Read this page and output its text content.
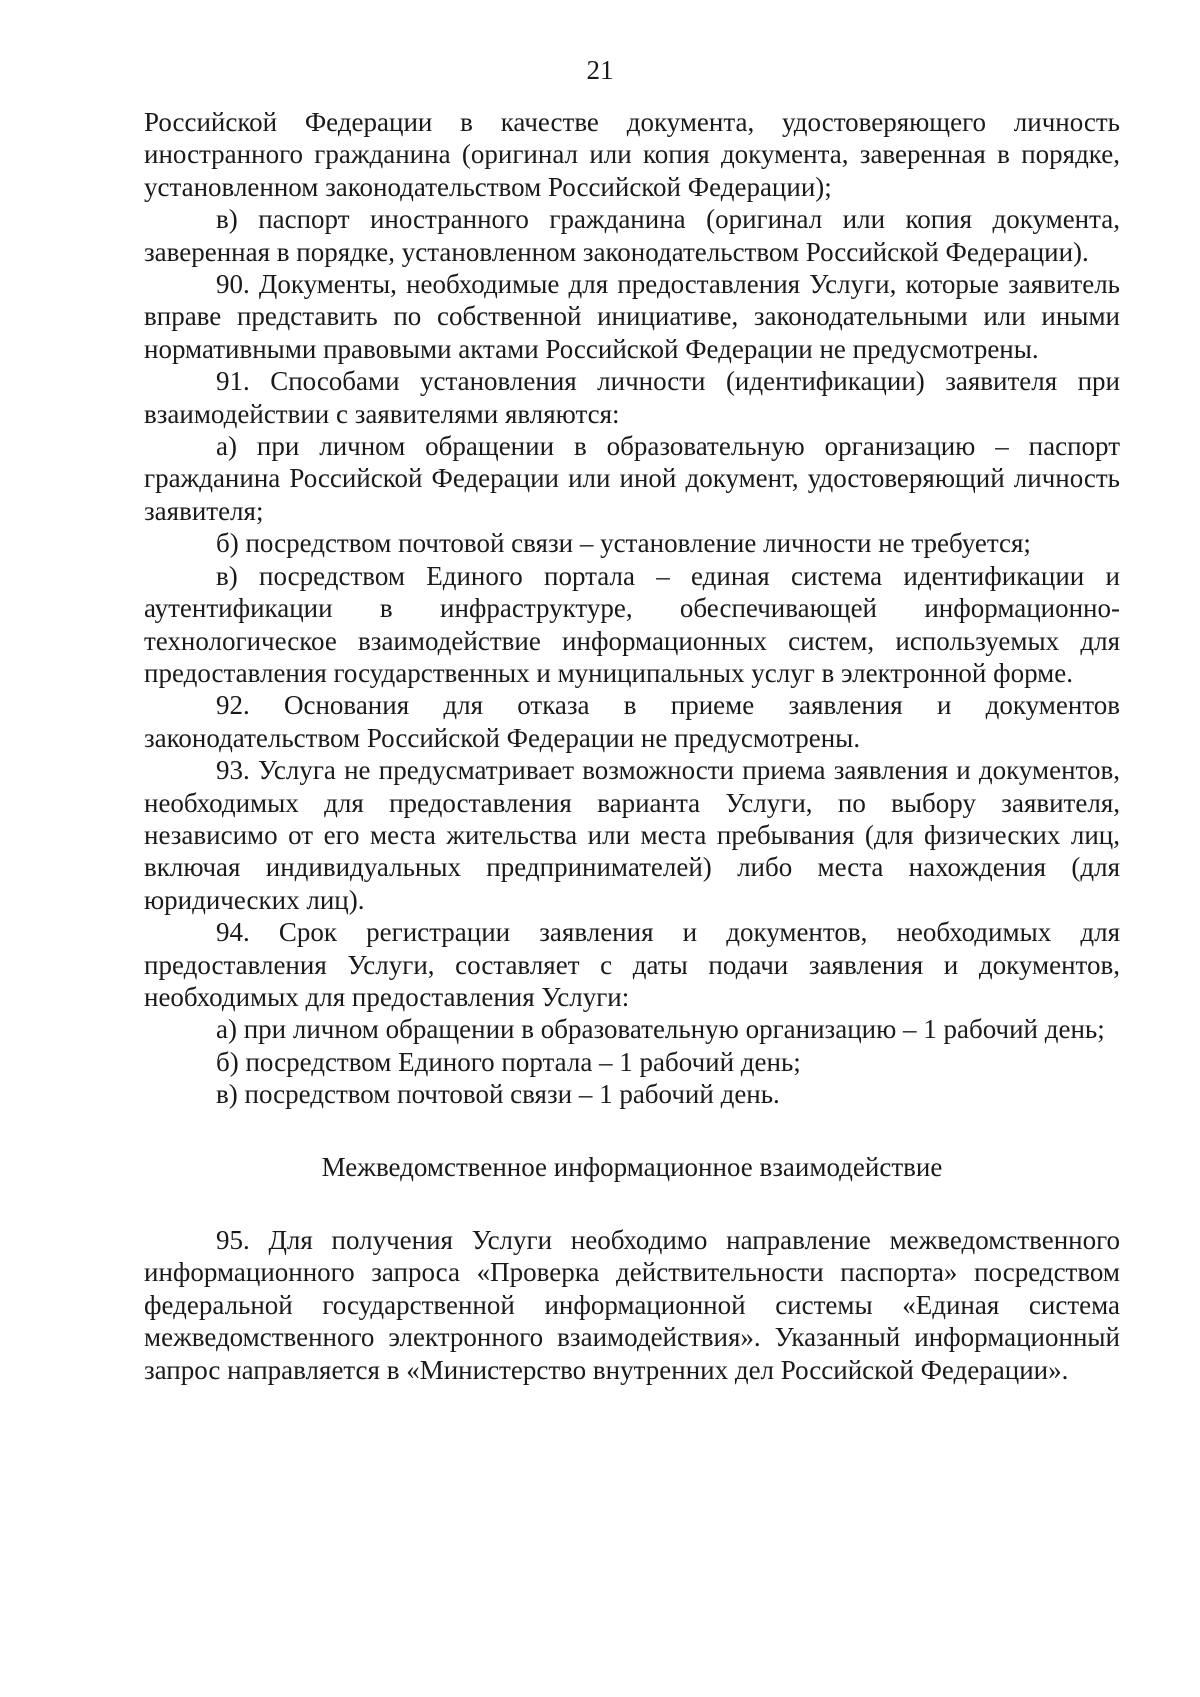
21

Российской Федерации в качестве документа, удостоверяющего личность иностранного гражданина (оригинал или копия документа, заверенная в порядке, установленном законодательством Российской Федерации);

в) паспорт иностранного гражданина (оригинал или копия документа, заверенная в порядке, установленном законодательством Российской Федерации).

90. Документы, необходимые для предоставления Услуги, которые заявитель вправе представить по собственной инициативе, законодательными или иными нормативными правовыми актами Российской Федерации не предусмотрены.

91. Способами установления личности (идентификации) заявителя при взаимодействии с заявителями являются:

а) при личном обращении в образовательную организацию – паспорт гражданина Российской Федерации или иной документ, удостоверяющий личность заявителя;

б) посредством почтовой связи – установление личности не требуется;

в) посредством Единого портала – единая система идентификации и аутентификации в инфраструктуре, обеспечивающей информационно-технологическое взаимодействие информационных систем, используемых для предоставления государственных и муниципальных услуг в электронной форме.

92. Основания для отказа в приеме заявления и документов законодательством Российской Федерации не предусмотрены.

93. Услуга не предусматривает возможности приема заявления и документов, необходимых для предоставления варианта Услуги, по выбору заявителя, независимо от его места жительства или места пребывания (для физических лиц, включая индивидуальных предпринимателей) либо места нахождения (для юридических лиц).

94. Срок регистрации заявления и документов, необходимых для предоставления Услуги, составляет с даты подачи заявления и документов, необходимых для предоставления Услуги:

а) при личном обращении в образовательную организацию – 1 рабочий день;

б) посредством Единого портала – 1 рабочий день;

в) посредством почтовой связи – 1 рабочий день.

Межведомственное информационное взаимодействие

95. Для получения Услуги необходимо направление межведомственного информационного запроса «Проверка действительности паспорта» посредством федеральной государственной информационной системы «Единая система межведомственного электронного взаимодействия». Указанный информационный запрос направляется в «Министерство внутренних дел Российской Федерации».
